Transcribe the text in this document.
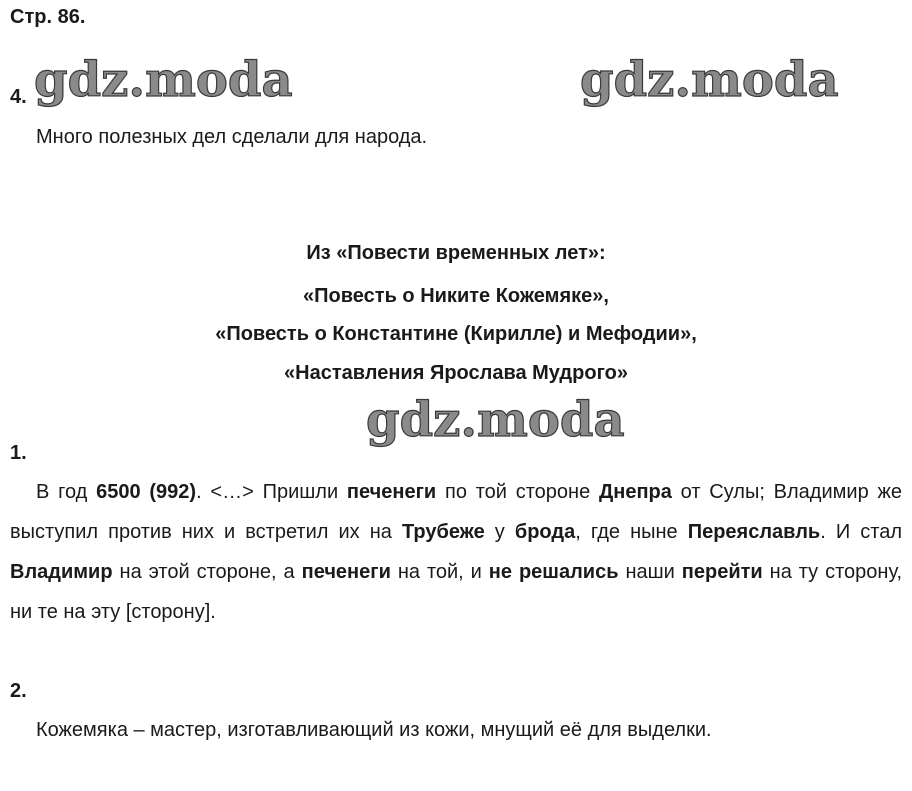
Стр. 86.
gdz.moda	gdz.moda
gdz.moda
4.
Много полезных дел сделали для народа.
Из «Повести временных лет»:
«Повесть о Никите Кожемяке»,
«Повесть о Константине (Кирилле) и Мефодии»,
«Наставления Ярослава Мудрого»
1.
В год 6500 (992). <…> Пришли печенеги по той стороне Днепра от Сулы; Владимир же выступил против них и встретил их на Трубеже у брода, где ныне Переяславль. И стал Владимир на этой стороне, а печенеги на той, и не решались наши перейти на ту сторону, ни те на эту [сторону].
2.
Кожемяка – мастер, изготавливающий из кожи, мнущий её для выделки.
